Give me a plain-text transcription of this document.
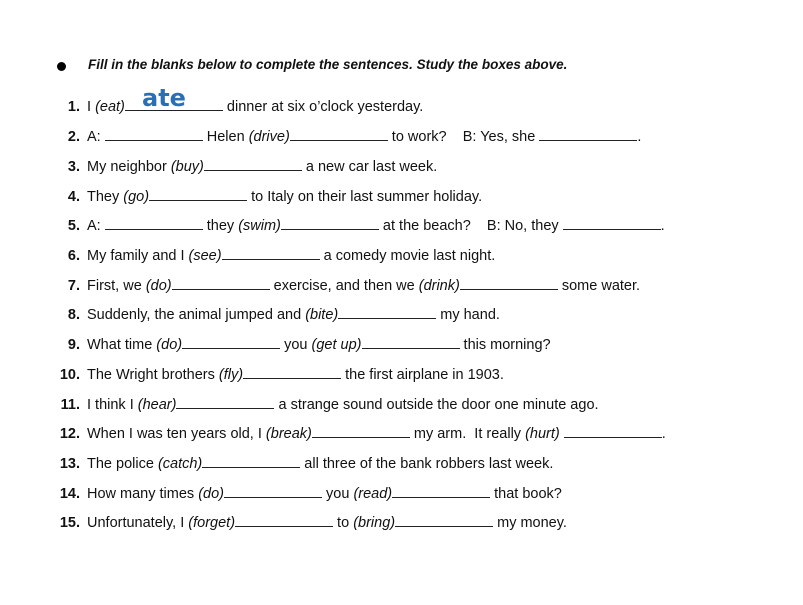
Fill in the blanks below to complete the sentences. Study the boxes above.
1. I (eat)	dinner at six o’clock yesterday.
2. A:	Helen (drive)	to work?    B: Yes, she	.
3. My neighbor (buy)	a new car last week.
4. They (go)	to Italy on their last summer holiday.
5. A:	they (swim)	at the beach?    B: No, they	.
6. My family and I (see)	a comedy movie last night.
7. First, we (do)	exercise, and then we (drink)	some water.
8. Suddenly, the animal jumped and (bite)	my hand.
9. What time (do)	you (get up)	this morning?
10. The Wright brothers (fly)	the first airplane in 1903.
11. I think I (hear)	a strange sound outside the door one minute ago.
12. When I was ten years old, I (break)	my arm.  It really (hurt)	.
13. The police (catch)	all three of the bank robbers last week.
14. How many times (do)	you (read)	that book?
15. Unfortunately, I (forget)	to (bring)	my money.
ate
